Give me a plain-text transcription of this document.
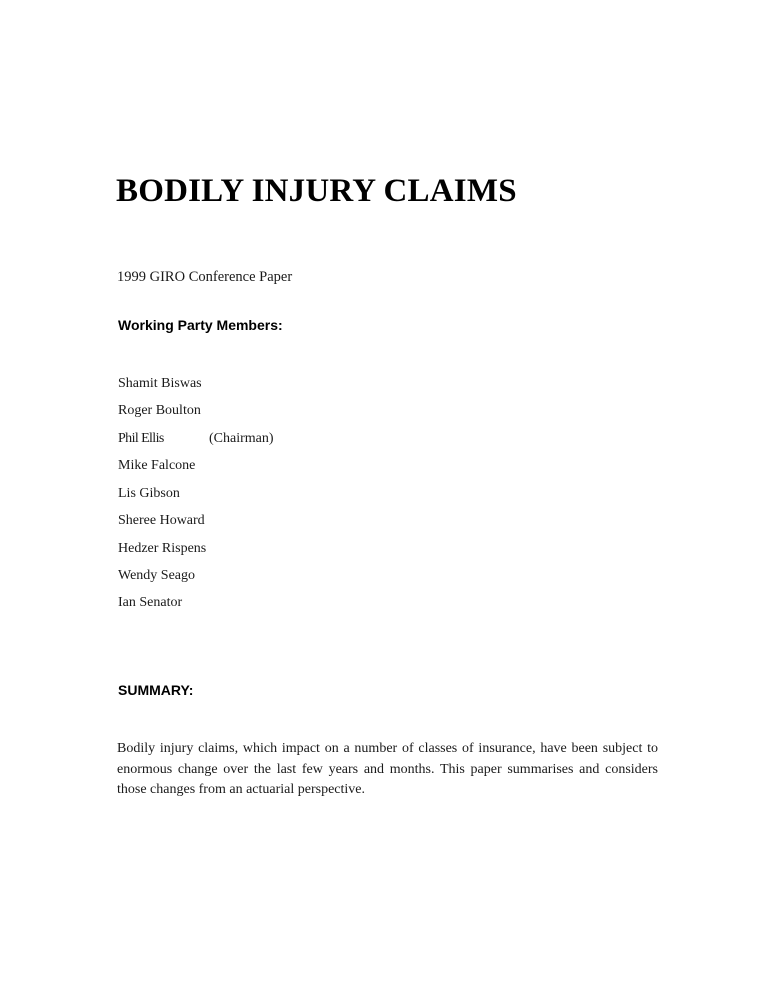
BODILY INJURY CLAIMS
1999 GIRO Conference Paper
Working Party Members:
Shamit Biswas
Roger Boulton
Phil Ellis	(Chairman)
Mike Falcone
Lis Gibson
Sheree Howard
Hedzer Rispens
Wendy Seago
Ian Senator
SUMMARY:
Bodily injury claims, which impact on a number of classes of insurance, have been subject to enormous change over the last few years and months. This paper summarises and considers those changes from an actuarial perspective.
